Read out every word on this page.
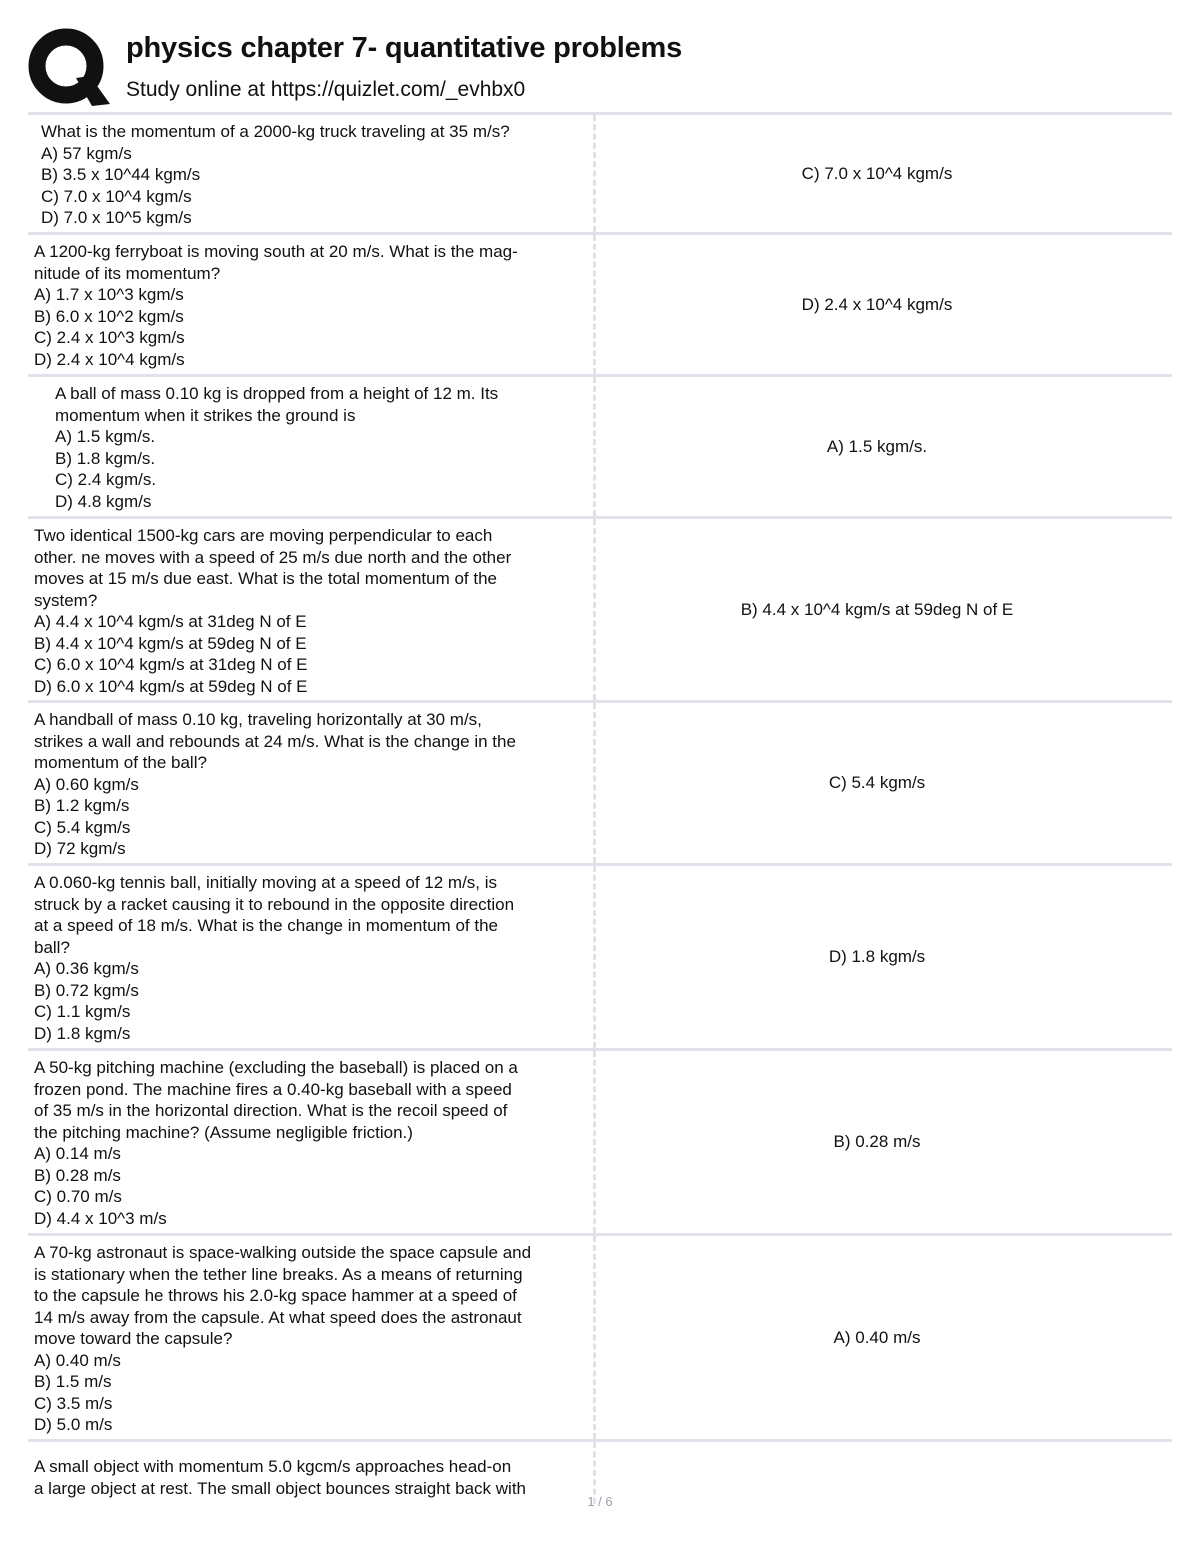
physics chapter 7- quantitative problems
Study online at https://quizlet.com/_evhbx0
What is the momentum of a 2000-kg truck traveling at 35 m/s?
A) 57 kgm/s
B) 3.5 x 10^44 kgm/s
C) 7.0 x 10^4 kgm/s
D) 7.0 x 10^5 kgm/s
C) 7.0 x 10^4 kgm/s
A 1200-kg ferryboat is moving south at 20 m/s. What is the mag-
nitude of its momentum?
A) 1.7 x 10^3 kgm/s
B) 6.0 x 10^2 kgm/s
C) 2.4 x 10^3 kgm/s
D) 2.4 x 10^4 kgm/s
D) 2.4 x 10^4 kgm/s
A ball of mass 0.10 kg is dropped from a height of 12 m. Its
momentum when it strikes the ground is
A) 1.5 kgm/s.
B) 1.8 kgm/s.
C) 2.4 kgm/s.
D) 4.8 kgm/s
A) 1.5 kgm/s.
Two identical 1500-kg cars are moving perpendicular to each
other. ne moves with a speed of 25 m/s due north and the other
moves at 15 m/s due east. What is the total momentum of the
system?
A) 4.4 x 10^4 kgm/s at 31deg N of E
B) 4.4 x 10^4 kgm/s at 59deg N of E
C) 6.0 x 10^4 kgm/s at 31deg N of E
D) 6.0 x 10^4 kgm/s at 59deg N of E
B) 4.4 x 10^4 kgm/s at 59deg N of E
A handball of mass 0.10 kg, traveling horizontally at 30 m/s,
strikes a wall and rebounds at 24 m/s. What is the change in the
momentum of the ball?
A) 0.60 kgm/s
B) 1.2 kgm/s
C) 5.4 kgm/s
D) 72 kgm/s
C) 5.4 kgm/s
A 0.060-kg tennis ball, initially moving at a speed of 12 m/s, is
struck by a racket causing it to rebound in the opposite direction
at a speed of 18 m/s. What is the change in momentum of the
ball?
A) 0.36 kgm/s
B) 0.72 kgm/s
C) 1.1 kgm/s
D) 1.8 kgm/s
D) 1.8 kgm/s
A 50-kg pitching machine (excluding the baseball) is placed on a
frozen pond. The machine fires a 0.40-kg baseball with a speed
of 35 m/s in the horizontal direction. What is the recoil speed of
the pitching machine? (Assume negligible friction.)
A) 0.14 m/s
B) 0.28 m/s
C) 0.70 m/s
D) 4.4 x 10^3 m/s
B) 0.28 m/s
A 70-kg astronaut is space-walking outside the space capsule and
is stationary when the tether line breaks. As a means of returning
to the capsule he throws his 2.0-kg space hammer at a speed of
14 m/s away from the capsule. At what speed does the astronaut
move toward the capsule?
A) 0.40 m/s
B) 1.5 m/s
C) 3.5 m/s
D) 5.0 m/s
A) 0.40 m/s
A small object with momentum 5.0 kgcm/s approaches head-on
a large object at rest. The small object bounces straight back with
1 / 6
